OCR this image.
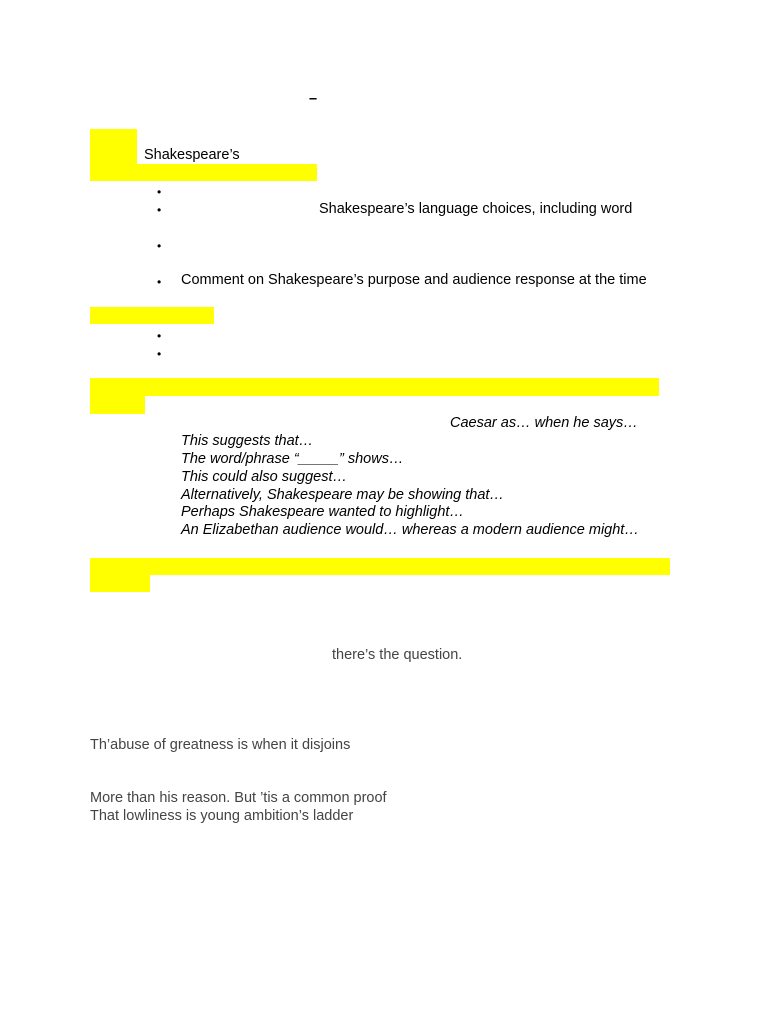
–
Shakespeare’s
•
•	Shakespeare’s language choices, including word
•
• Comment on Shakespeare’s purpose and audience response at the time
•
•
Caesar as… when he says…
This suggests that…
The word/phrase “_____” shows…
This could also suggest…
Alternatively, Shakespeare may be showing that…
Perhaps Shakespeare wanted to highlight…
An Elizabethan audience would… whereas a modern audience might…
there’s the question.
Th’abuse of greatness is when it disjoins
More than his reason. But ’tis a common proof
That lowliness is young ambition’s ladder
